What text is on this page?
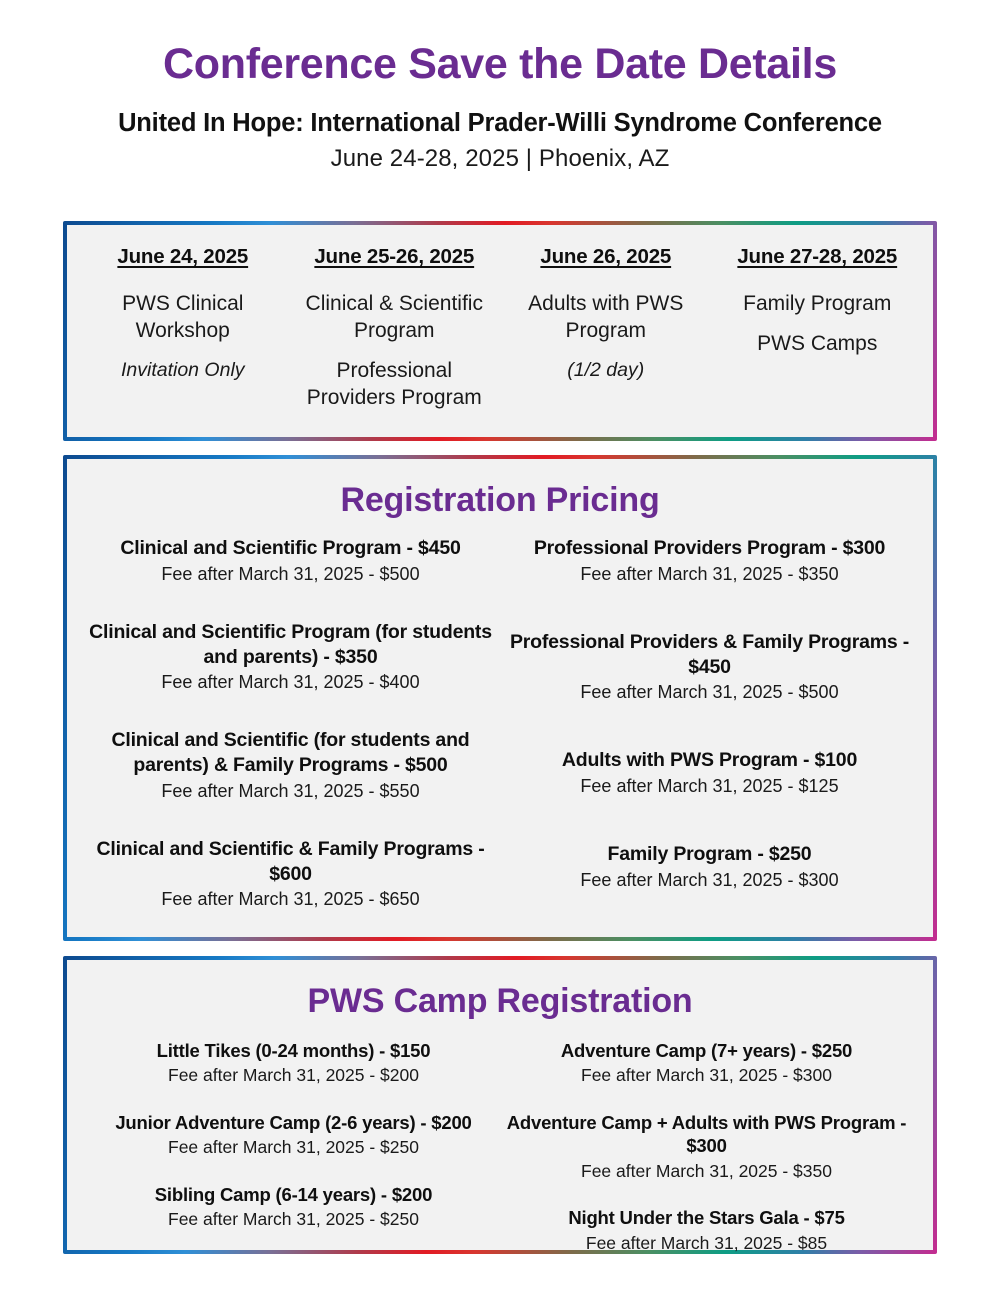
Conference Save the Date Details
United In Hope: International Prader-Willi Syndrome Conference
June 24-28, 2025 | Phoenix, AZ
June 24, 2025
PWS Clinical Workshop
Invitation Only
June 25-26, 2025
Clinical & Scientific Program
Professional Providers Program
June 26, 2025
Adults with PWS Program
(1/2 day)
June 27-28, 2025
Family Program
PWS Camps
Registration Pricing
Clinical and Scientific Program - $450
Fee after March 31, 2025 - $500
Clinical and Scientific Program (for students and parents) - $350
Fee after March 31, 2025 - $400
Clinical and Scientific (for students and parents) & Family Programs - $500
Fee after March 31, 2025 - $550
Clinical and Scientific & Family Programs - $600
Fee after March 31, 2025 - $650
Professional Providers Program - $300
Fee after March 31, 2025 - $350
Professional Providers & Family Programs - $450
Fee after March 31, 2025 - $500
Adults with PWS Program - $100
Fee after March 31, 2025 - $125
Family Program - $250
Fee after March 31, 2025 - $300
PWS Camp Registration
Little Tikes (0-24 months) - $150
Fee after March 31, 2025 - $200
Junior Adventure Camp (2-6 years) - $200
Fee after March 31, 2025 - $250
Sibling Camp (6-14 years) - $200
Fee after March 31, 2025 - $250
Adventure Camp (7+ years) - $250
Fee after March 31, 2025 - $300
Adventure Camp + Adults with PWS Program - $300
Fee after March 31, 2025 - $350
Night Under the Stars Gala - $75
Fee after March 31, 2025 - $85
